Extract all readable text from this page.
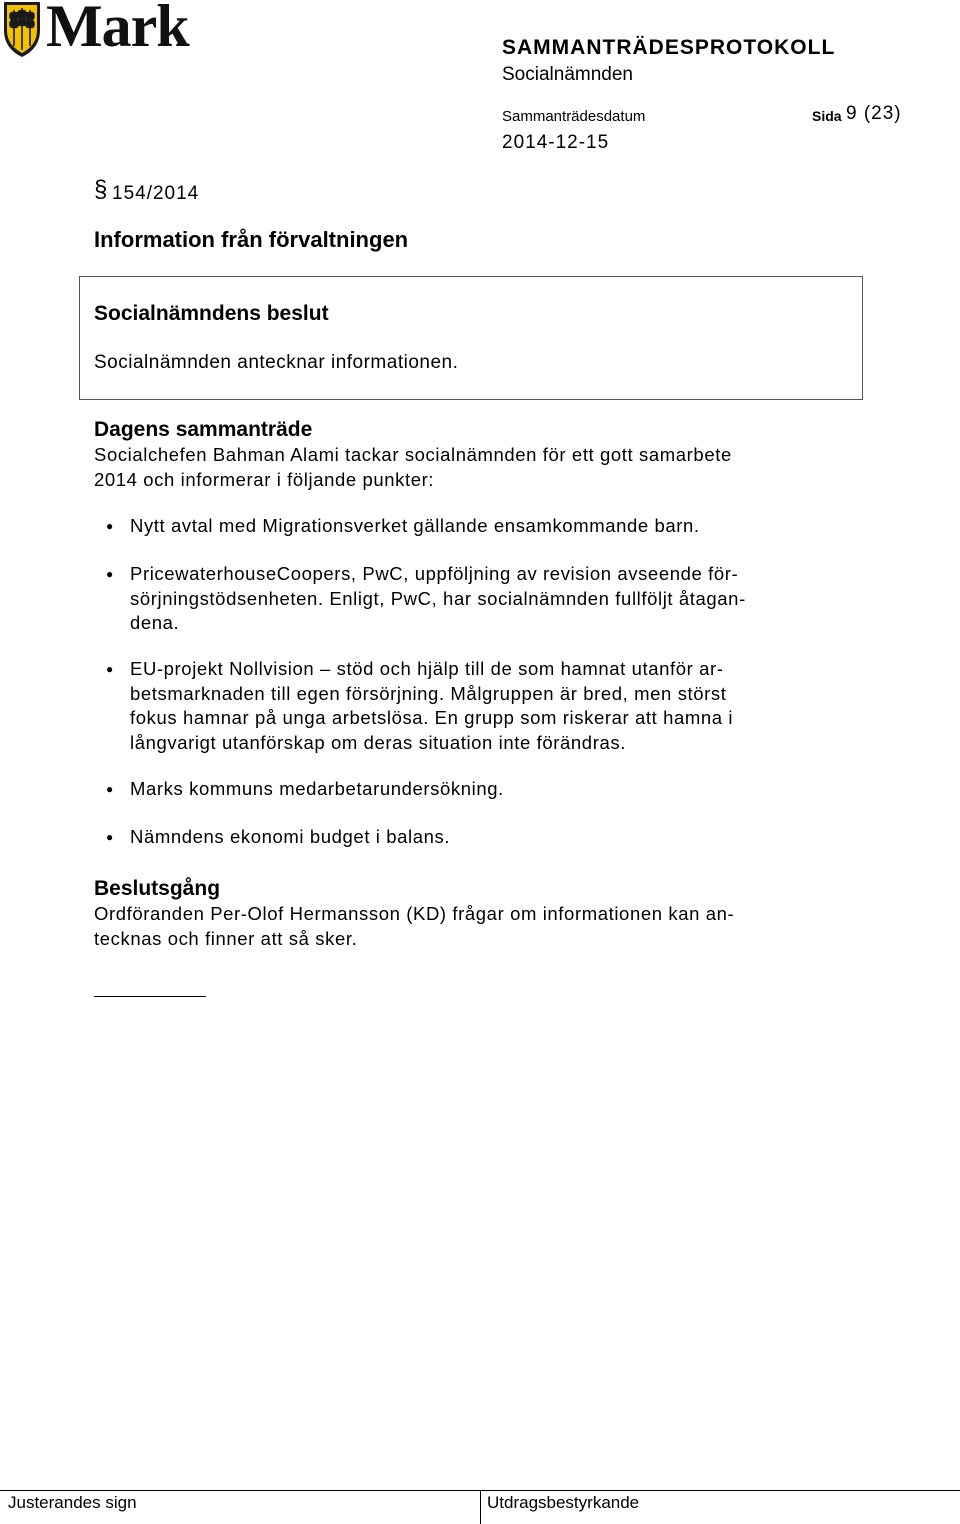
Mark	SAMMANTRÄDESPROTOKOLL
Socialnämnden
Sammanträdesdatum	Sida 9 (23)
2014-12-15
§ 154/2014
Information från förvaltningen
Socialnämndens beslut
Socialnämnden antecknar informationen.
Dagens sammanträde
Socialchefen Bahman Alami tackar socialnämnden för ett gott samarbete
2014 och informerar i följande punkter:
● Nytt avtal med Migrationsverket gällande ensamkommande barn.
● PricewaterhouseCoopers, PwC, uppföljning av revision avseende för-
sörjningstödsenheten. Enligt, PwC, har socialnämnden fullföljt åtagan-
dena.
● EU-projekt Nollvision – stöd och hjälp till de som hamnat utanför ar-
betsmarknaden till egen försörjning. Målgruppen är bred, men störst
fokus hamnar på unga arbetslösa. En grupp som riskerar att hamna i
långvarigt utanförskap om deras situation inte förändras.
● Marks kommuns medarbetarundersökning.
● Nämndens ekonomi budget i balans.
Beslutsgång
Ordföranden Per-Olof Hermansson (KD) frågar om informationen kan an-
tecknas och finner att så sker.
Justerandes sign	Utdragsbestyrkande
